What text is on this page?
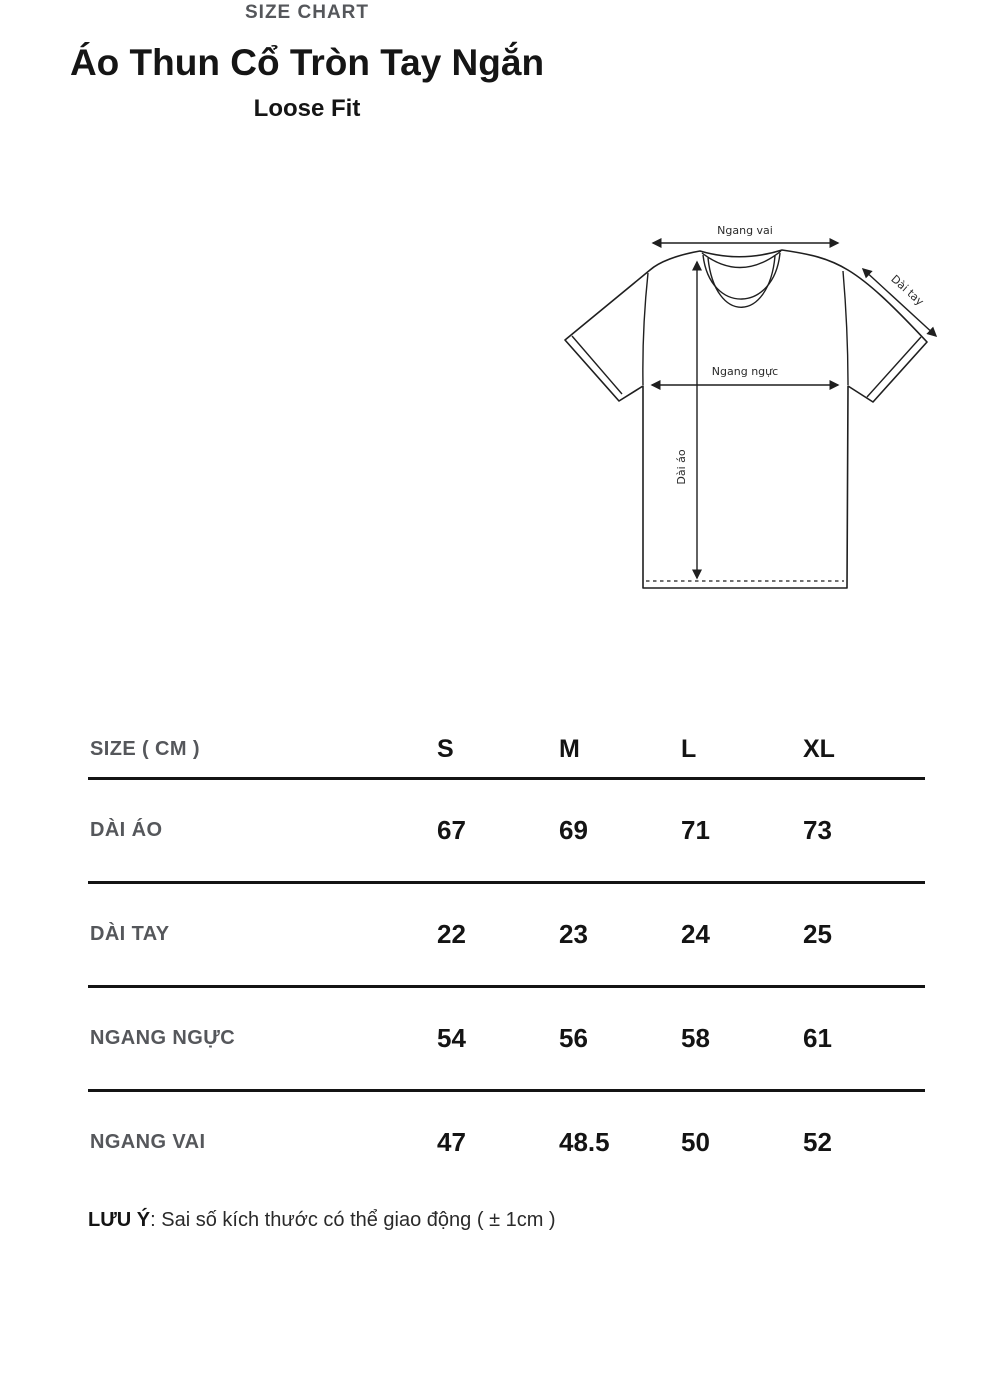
SIZE CHART
Áo Thun Cổ Tròn Tay Ngắn
Loose Fit
Ngang vai
Ngang ngực
Dài áo
Dài tay
SIZE ( CM )	S	M	L	XL
DÀI ÁO	67	69	71	73
DÀI TAY	22	23	24	25
NGANG NGỰC	54	56	58	61
NGANG VAI	47	48.5	50	52
LƯU Ý: Sai số kích thước có thể giao động ( ± 1cm )
